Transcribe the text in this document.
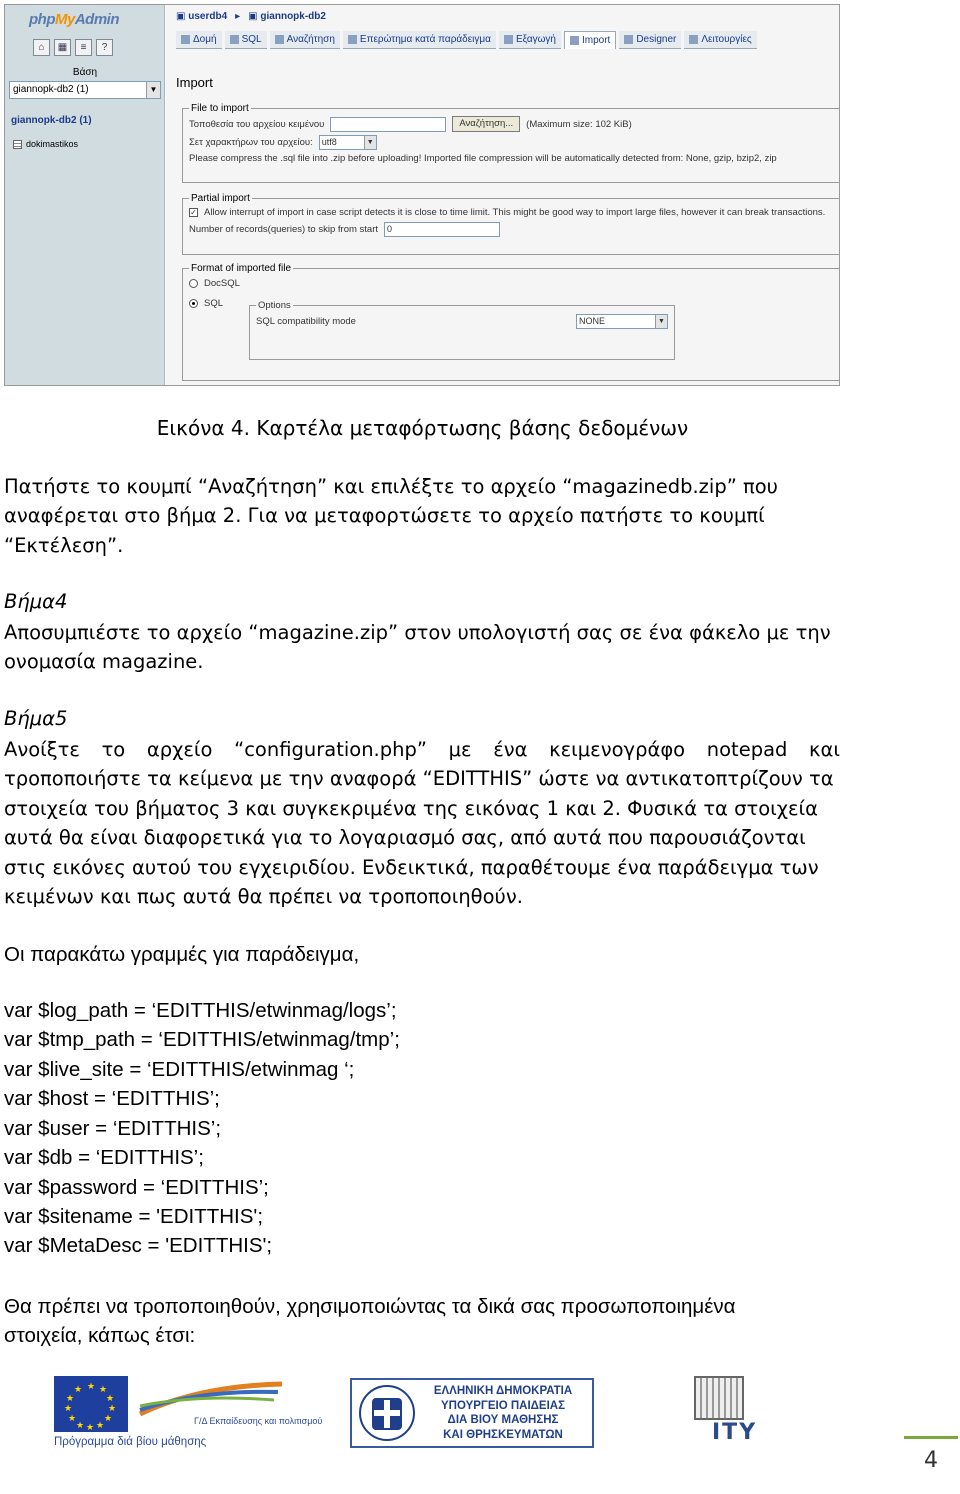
phpMyAdmin
⌂	▦	≡	?
Βάση
giannopk-db2 (1)	▼
giannopk-db2 (1)
dokimastikos
▣ userdb4 ▸ ▣ giannopk-db2
Δομή	SQL	Αναζήτηση	Επερώτημα κατά παράδειγμα	Εξαγωγή	Import	Designer	Λειτουργίες
Import
File to import
Τοποθεσία του αρχείου κειμένου	Αναζήτηση...	(Maximum size: 102 KiB)
Σετ χαρακτήρων του αρχείου:	utf8	▼
Please compress the .sql file into .zip before uploading! Imported file compression will be automatically detected from: None, gzip, bzip2, zip
Partial import
✓ Allow interrupt of import in case script detects it is close to time limit. This might be good way to import large files, however it can break transactions.
Number of records(queries) to skip from start	0
Format of imported file
DocSQL
SQL	Options
SQL compatibility mode	NONE	▼
Εικόνα 4. Καρτέλα μεταφόρτωσης βάσης δεδομένων
Πατήστε το κουμπί “Αναζήτηση” και επιλέξτε το αρχείο “magazinedb.zip” που
αναφέρεται στο βήμα 2. Για να μεταφορτώσετε το αρχείο πατήστε το κουμπί
“Εκτέλεση”.
Βήμα4
Αποσυμπιέστε το αρχείο “magazine.zip” στον υπολογιστή σας σε ένα φάκελο με την
ονομασία magazine.
Βήμα5
Ανοίξτε το αρχείο “configuration.php” με ένα κειμενογράφο notepad και
τροποποιήστε τα κείμενα με την αναφορά “EDITTHIS” ώστε να αντικατοπτρίζουν τα
στοιχεία του βήματος 3 και συγκεκριμένα της εικόνας 1 και 2. Φυσικά τα στοιχεία
αυτά θα είναι διαφορετικά για το λογαριασμό σας, από αυτά που παρουσιάζονται
στις εικόνες αυτού του εγχειριδίου. Ενδεικτικά, παραθέτουμε ένα παράδειγμα των
κειμένων και πως αυτά θα πρέπει να τροποποιηθούν.
Οι παρακάτω γραμμές για παράδειγμα,
var $log_path = ‘EDITTHIS/etwinmag/logs’;
var $tmp_path = ‘EDITTHIS/etwinmag/tmp’;
var $live_site = ‘EDITTHIS/etwinmag ‘;
var $host = ‘EDITTHIS’;
var $user = ‘EDITTHIS’;
var $db = ‘EDITTHIS’;
var $password = ‘EDITTHIS’;
var $sitename = 'EDITTHIS';
var $MetaDesc = 'EDITTHIS';
Θα πρέπει να τροποποιηθούν, χρησιμοποιώντας τα δικά σας προσωποποιημένα
στοιχεία, κάπως έτσι:
★ ★
★
★
★
★
★
★
★
★
★
★
Γ/Δ Εκπαίδευσης και πολιτισμού
Πρόγραμμα διά βίου μάθησης
ΕΛΛΗΝΙΚΗ ΔΗΜΟΚΡΑΤΙΑ
ΥΠΟΥΡΓΕΙΟ ΠΑΙΔΕΙΑΣ
ΔΙΑ ΒΙΟΥ ΜΑΘΗΣΗΣ
ΚΑΙ ΘΡΗΣΚΕΥΜΑΤΩΝ	ITY
4
